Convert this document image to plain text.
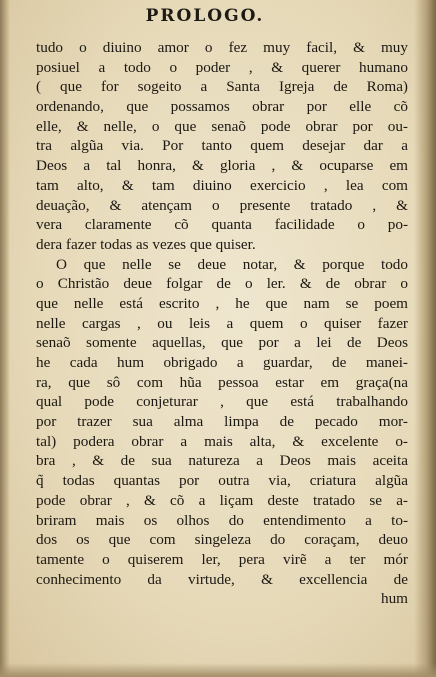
PROLOGO.
tudo o diuino amor o fez muy facil, & muy
posiuel a todo o poder , & querer humano
( que for sogeito a Santa Igreja de Roma)
ordenando, que possamos obrar por elle cõ
elle, & nelle, o que senaõ pode obrar por ou-
tra algũa via. Por tanto quem desejar dar a
Deos a tal honra, & gloria , & ocuparse em
tam alto, & tam diuino exercicio , lea com
deuação, & atençam o presente tratado , &
vera claramente cõ quanta facilidade o po-
dera fazer todas as vezes que quiser.
O que nelle se deue notar, & porque todo
o Christão deue folgar de o ler. & de obrar o
que nelle está escrito , he que nam se poem
nelle cargas , ou leis a quem o quiser fazer
senaõ somente aquellas, que por a lei de Deos
he cada hum obrigado a guardar, de manei-
ra, que sô com hũa pessoa estar em graça(na
qual pode conjeturar , que está trabalhando
por trazer sua alma limpa de pecado mor-
tal) podera obrar a mais alta, & excelente o-
bra , & de sua natureza a Deos mais aceita
q̃ todas quantas por outra via, criatura algũa
pode obrar , & cõ a liçam deste tratado se a-
briram mais os olhos do entendimento a to-
dos os que com singeleza do coraçam, deuo
tamente o quiserem ler, pera virẽ a ter mór
conhecimento da virtude, & excellencia de
hum
